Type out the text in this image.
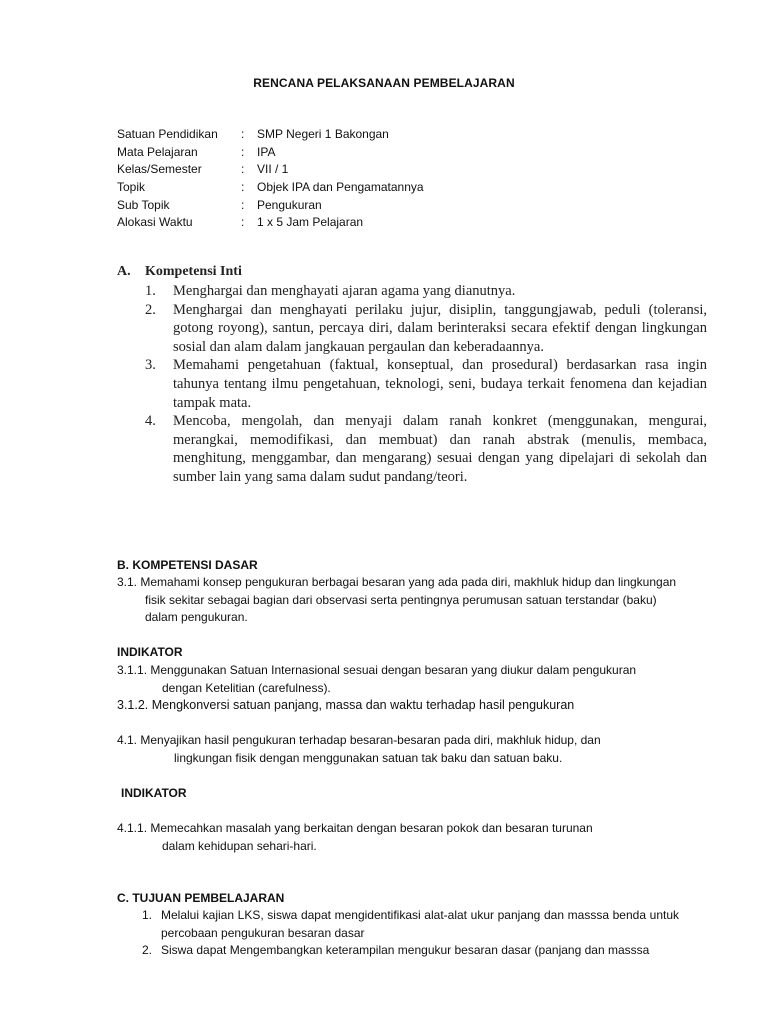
RENCANA PELAKSANAAN PEMBELAJARAN
Satuan Pendidikan : SMP Negeri 1 Bakongan
Mata Pelajaran	: IPA
Kelas/Semester	: VII / 1
Topik	: Objek IPA dan Pengamatannya
Sub Topik	: Pengukuran
Alokasi Waktu	: 1 x 5 Jam Pelajaran
A. Kompetensi Inti
1.	Menghargai dan menghayati ajaran agama yang dianutnya.
2.	Menghargai dan menghayati perilaku jujur, disiplin, tanggungjawab, peduli (toleransi, gotong royong), santun, percaya diri, dalam berinteraksi secara efektif dengan lingkungan sosial dan alam dalam jangkauan pergaulan dan keberadaannya.
3.	Memahami pengetahuan (faktual, konseptual, dan prosedural) berdasarkan rasa ingin tahunya tentang ilmu pengetahuan, teknologi, seni, budaya terkait fenomena dan kejadian tampak mata.
4.	Mencoba, mengolah, dan menyaji dalam ranah konkret (menggunakan, mengurai, merangkai, memodifikasi, dan membuat) dan ranah abstrak (menulis, membaca, menghitung, menggambar, dan mengarang) sesuai dengan yang dipelajari di sekolah dan sumber lain yang sama dalam sudut pandang/teori.
B. KOMPETENSI DASAR
3.1. Memahami konsep pengukuran berbagai besaran yang ada pada diri, makhluk hidup dan lingkungan
fisik sekitar sebagai bagian dari observasi serta pentingnya perumusan satuan terstandar (baku)
dalam pengukuran.
INDIKATOR
3.1.1. Menggunakan Satuan Internasional sesuai dengan besaran yang diukur dalam pengukuran
dengan Ketelitian (carefulness).
3.1.2. Mengkonversi satuan panjang, massa dan waktu terhadap hasil pengukuran
4.1. Menyajikan hasil pengukuran terhadap besaran-besaran pada diri, makhluk hidup, dan
lingkungan fisik dengan menggunakan satuan tak baku dan satuan baku.
INDIKATOR
4.1.1. Memecahkan masalah yang berkaitan dengan besaran pokok dan besaran turunan
dalam kehidupan sehari-hari.
C. TUJUAN PEMBELAJARAN
1. Melalui kajian LKS, siswa dapat mengidentifikasi alat-alat ukur panjang dan masssa benda untuk percobaan pengukuran besaran dasar
2. Siswa dapat Mengembangkan keterampilan mengukur besaran dasar (panjang dan masssa
